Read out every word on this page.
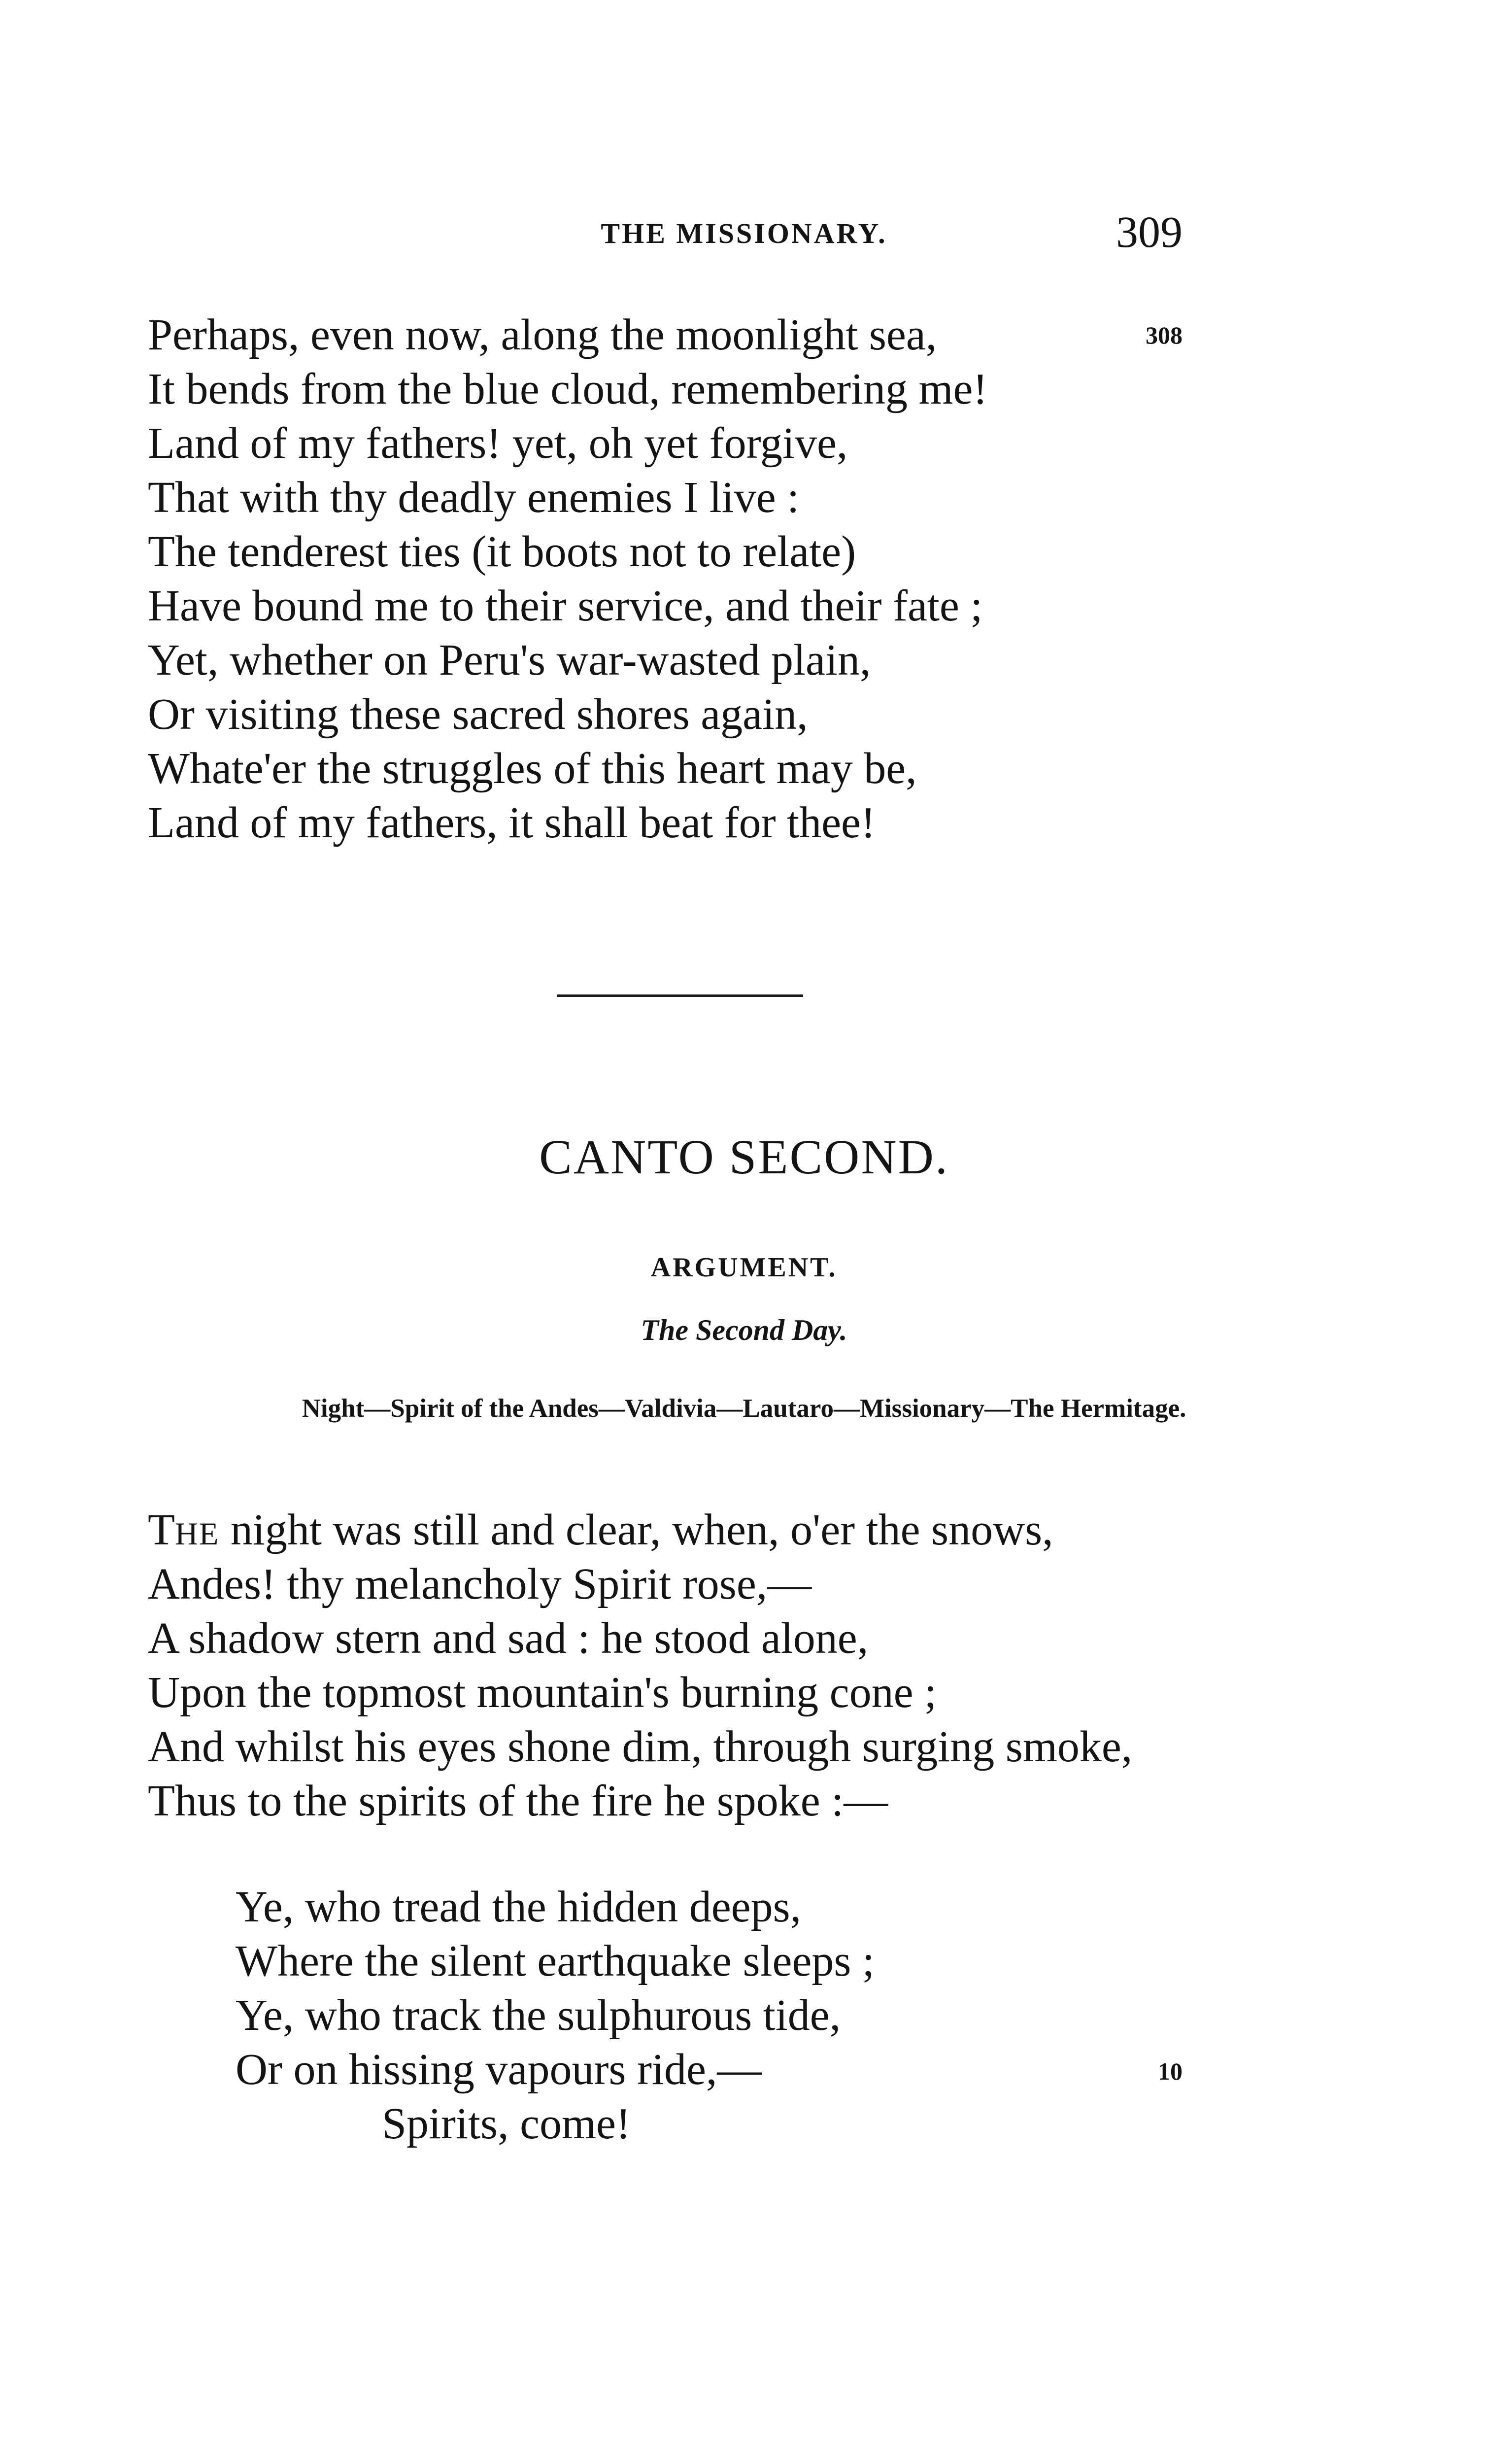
THE MISSIONARY.	309
Perhaps, even now, along the moonlight sea,	308
It bends from the blue cloud, remembering me!
Land of my fathers! yet, oh yet forgive,
That with thy deadly enemies I live :
The tenderest ties (it boots not to relate)
Have bound me to their service, and their fate ;
Yet, whether on Peru's war-wasted plain,
Or visiting these sacred shores again,
Whate'er the struggles of this heart may be,
Land of my fathers, it shall beat for thee!
CANTO SECOND.
ARGUMENT.
The Second Day.
Night—Spirit of the Andes—Valdivia—Lautaro—Missionary—The Hermitage.
THE night was still and clear, when, o'er the snows,
Andes! thy melancholy Spirit rose,—
A shadow stern and sad : he stood alone,
Upon the topmost mountain's burning cone ;
And whilst his eyes shone dim, through surging smoke,
Thus to the spirits of the fire he spoke :—
Ye, who tread the hidden deeps,
Where the silent earthquake sleeps ;
Ye, who track the sulphurous tide,
Or on hissing vapours ride,—	10
Spirits, come!
